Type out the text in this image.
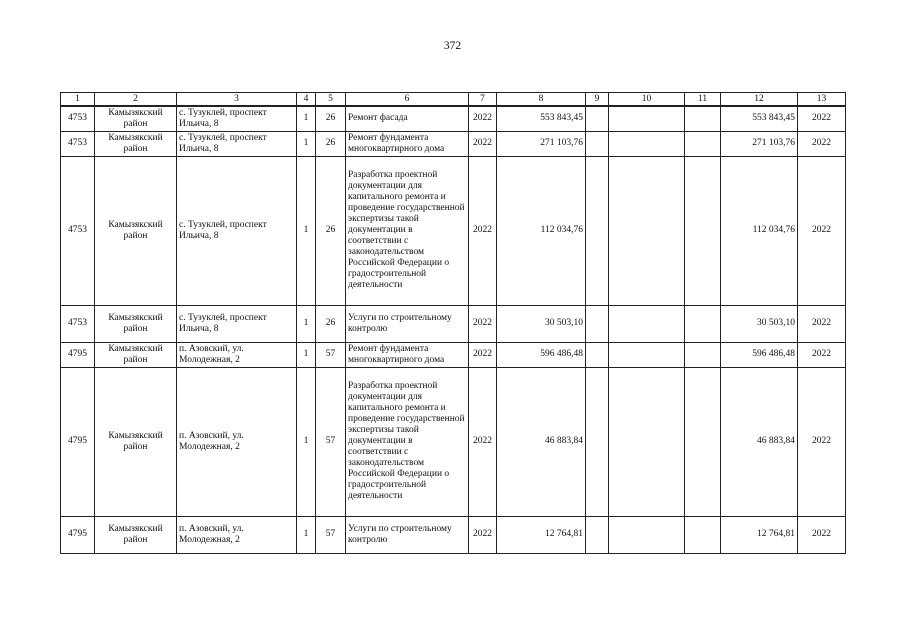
372
1	2	3	4	5	6	7	8	9	10	11	12	13
4753	Камызякский район	с. Тузуклей, проспект Ильича, 8	1	26	Ремонт фасада	2022	553 843,45				553 843,45	2022
4753	Камызякский район	с. Тузуклей, проспект Ильича, 8	1	26	Ремонт фундамента многоквартирного дома	2022	271 103,76				271 103,76	2022
4753	Камызякский район	с. Тузуклей, проспект Ильича, 8	1	26	Разработка проектной документации для капитального ремонта и проведение государственной экспертизы такой документации в соответствии с законодательством Российской Федерации о градостроительной деятельности	2022	112 034,76				112 034,76	2022
4753	Камызякский район	с. Тузуклей, проспект Ильича, 8	1	26	Услуги по строительному контролю	2022	30 503,10				30 503,10	2022
4795	Камызякский район	п. Азовский, ул. Молодежная, 2	1	57	Ремонт фундамента многоквартирного дома	2022	596 486,48				596 486,48	2022
4795	Камызякский район	п. Азовский, ул. Молодежная, 2	1	57	Разработка проектной документации для капитального ремонта и проведение государственной экспертизы такой документации в соответствии с законодательством Российской Федерации о градостроительной деятельности	2022	46 883,84				46 883,84	2022
4795	Камызякский район	п. Азовский, ул. Молодежная, 2	1	57	Услуги по строительному контролю	2022	12 764,81				12 764,81	2022
